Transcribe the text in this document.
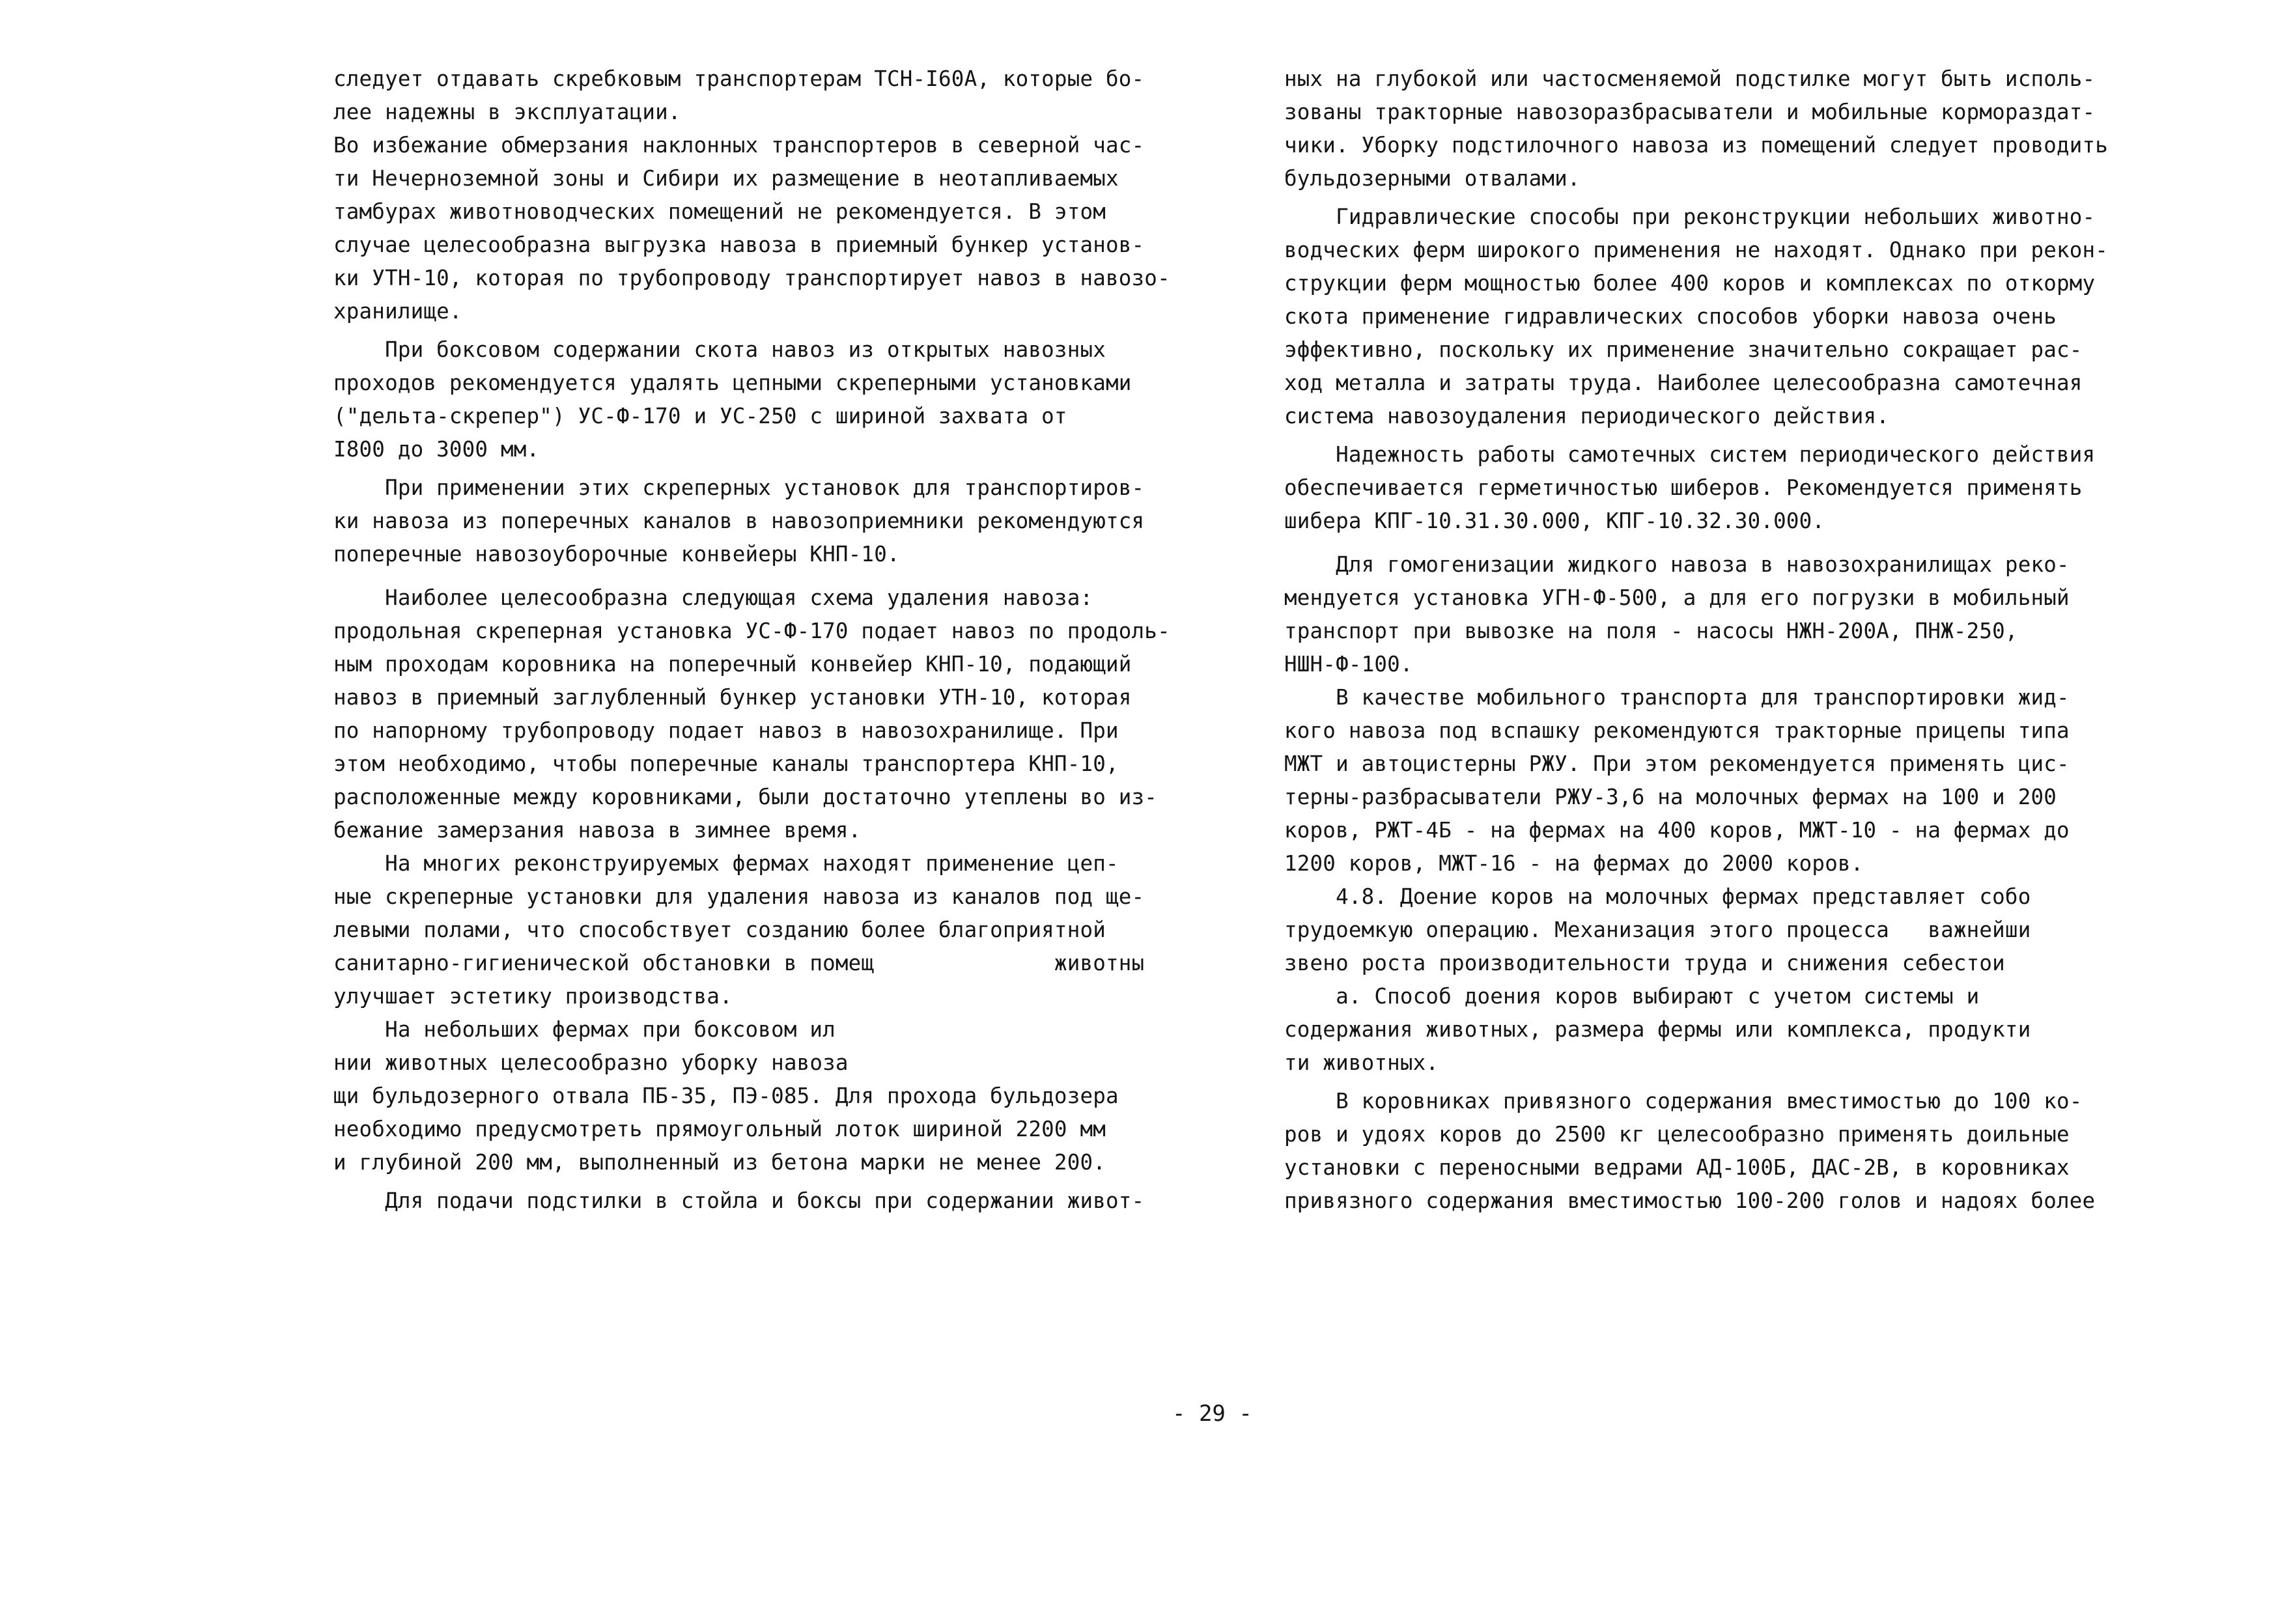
следует отдавать скребковым транспортерам ТСН-I60А, которые бо-
лее надежны в эксплуатации.
Во избежание обмерзания наклонных транспортеров в северной час-
ти Нечерноземной зоны и Сибири их размещение в неотапливаемых
тамбурах животноводческих помещений не рекомендуется. В этом
случае целесообразна выгрузка навоза в приемный бункер установ-
ки УТН-10, которая по трубопроводу транспортирует навоз в навозо-
хранилище.
При боксовом содержании скота навоз из открытых навозных
проходов рекомендуется удалять цепными скреперными установками
("дельта-скрепер") УС-Ф-170 и УС-250 с шириной захвата от
I800 до 3000 мм.
При применении этих скреперных установок для транспортиров-
ки навоза из поперечных каналов в навозоприемники рекомендуются
поперечные навозоуборочные конвейеры КНП-10.
Наиболее целесообразна следующая схема удаления навоза:
продольная скреперная установка УС-Ф-170 подает навоз по продоль-
ным проходам коровника на поперечный конвейер КНП-10, подающий
навоз в приемный заглубленный бункер установки УТН-10, которая
по напорному трубопроводу подает навоз в навозохранилище. При
этом необходимо, чтобы поперечные каналы транспортера КНП-10,
расположенные между коровниками, были достаточно утеплены во из-
бежание замерзания навоза в зимнее время.
На многих реконструируемых фермах находят применение цеп-
ные скреперные установки для удаления навоза из каналов под ще-
левыми полами, что способствует созданию более благоприятной
санитарно-гигиенической обстановки в помещ              животны
улучшает эстетику производства.
На небольших фермах при боксовом ил
нии животных целесообразно уборку навоза
щи бульдозерного отвала ПБ-35, ПЭ-085. Для прохода бульдозера
необходимо предусмотреть прямоугольный лоток шириной 2200 мм
и глубиной 200 мм, выполненный из бетона марки не менее 200.
Для подачи подстилки в стойла и боксы при содержании живот-
ных на глубокой или частосменяемой подстилке могут быть исполь-
зованы тракторные навозоразбрасыватели и мобильные кормораздат-
чики. Уборку подстилочного навоза из помещений следует проводить
бульдозерными отвалами.
Гидравлические способы при реконструкции небольших животно-
водческих ферм широкого применения не находят. Однако при рекон-
струкции ферм мощностью более 400 коров и комплексах по откорму
скота применение гидравлических способов уборки навоза очень
эффективно, поскольку их применение значительно сокращает рас-
ход металла и затраты труда. Наиболее целесообразна самотечная
система навозоудаления периодического действия.
Надежность работы самотечных систем периодического действия
обеспечивается герметичностью шиберов. Рекомендуется применять
шибера КПГ-10.31.30.000, КПГ-10.32.30.000.
Для гомогенизации жидкого навоза в навозохранилищах реко-
мендуется установка УГН-Ф-500, а для его погрузки в мобильный
транспорт при вывозке на поля - насосы НЖН-200А, ПНЖ-250,
НШН-Ф-100.
В качестве мобильного транспорта для транспортировки жид-
кого навоза под вспашку рекомендуются тракторные прицепы типа
МЖТ и автоцистерны РЖУ. При этом рекомендуется применять цис-
терны-разбрасыватели РЖУ-3,6 на молочных фермах на 100 и 200
коров, РЖТ-4Б - на фермах на 400 коров, МЖТ-10 - на фермах до
1200 коров, МЖТ-16 - на фермах до 2000 коров.
4.8. Доение коров на молочных фермах представляет собо
трудоемкую операцию. Механизация этого процесса   важнейши
звено роста производительности труда и снижения себестои
а. Способ доения коров выбирают с учетом системы и
содержания животных, размера фермы или комплекса, продукти
ти животных.
В коровниках привязного содержания вместимостью до 100 ко-
ров и удоях коров до 2500 кг целесообразно применять доильные
установки с переносными ведрами АД-100Б, ДАС-2В, в коровниках
привязного содержания вместимостью 100-200 голов и надоях более
- 29 -
